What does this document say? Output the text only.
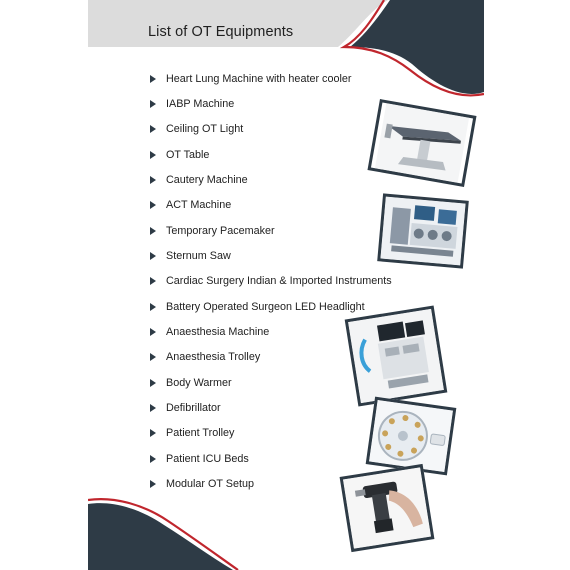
List of OT Equipments
Heart Lung Machine with heater cooler
IABP Machine
Ceiling OT Light
OT Table
Cautery Machine
ACT Machine
Temporary Pacemaker
Sternum Saw
Cardiac Surgery Indian & Imported Instruments
Battery Operated Surgeon LED Headlight
Anaesthesia Machine
Anaesthesia Trolley
Body Warmer
Defibrillator
Patient Trolley
Patient ICU Beds
Modular OT Setup
